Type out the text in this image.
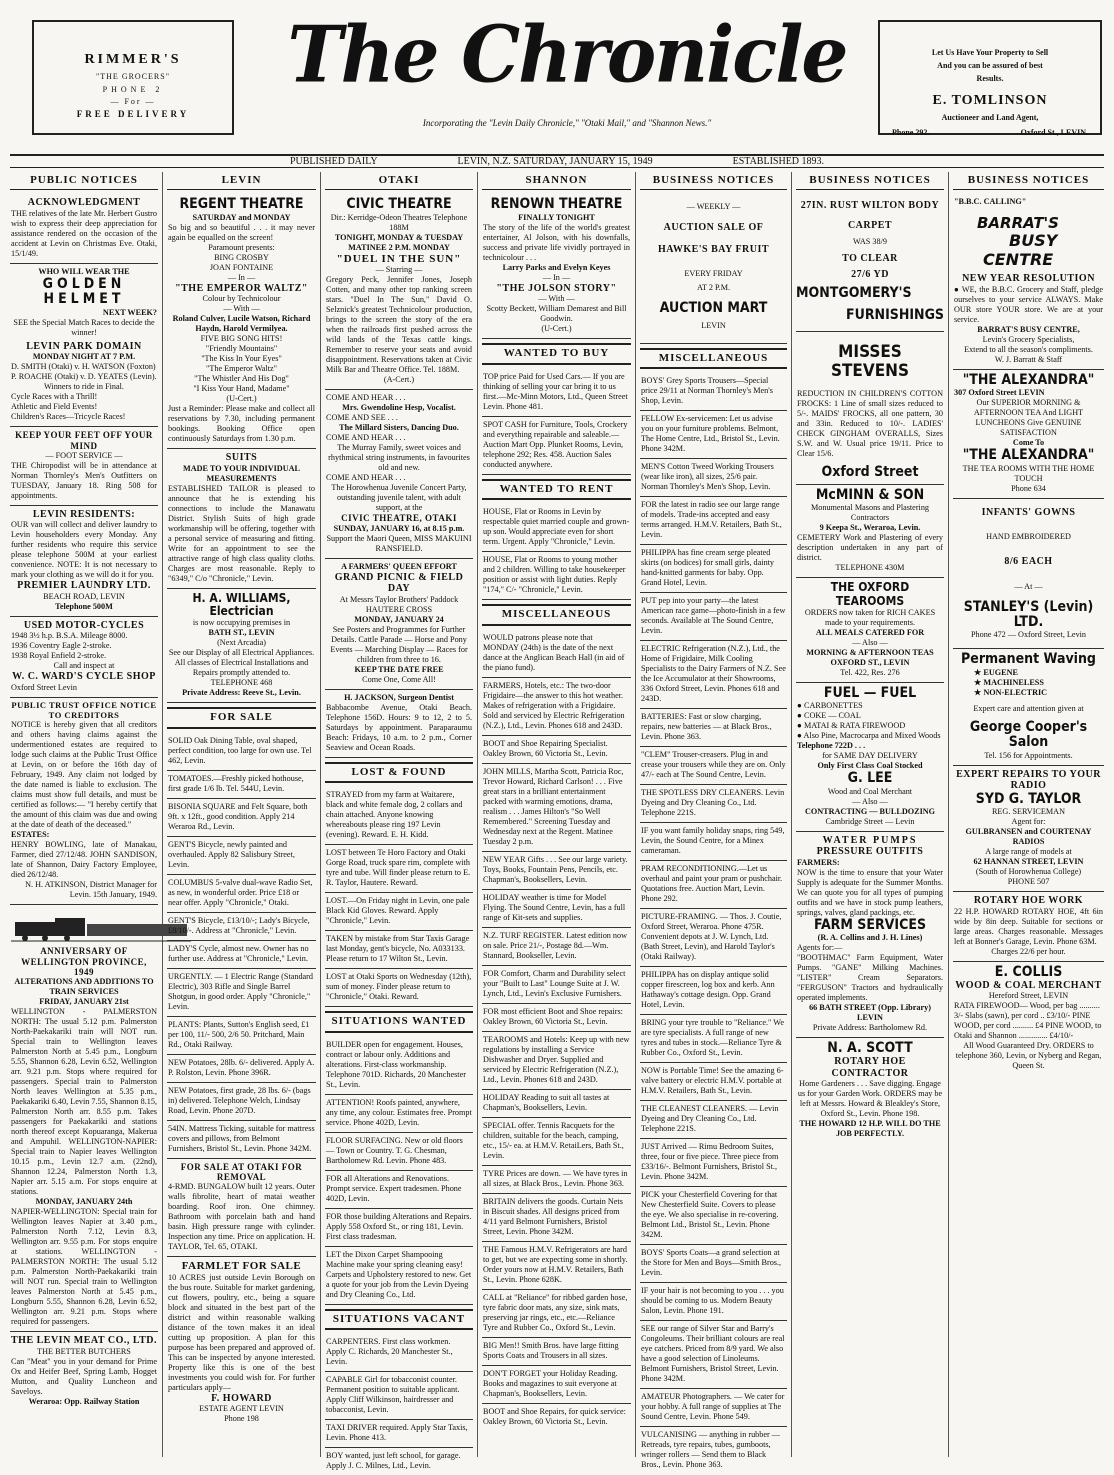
RIMMER'S
"THE GROCERS"
PHONE 2
— For —
FREE DELIVERY
The Chronicle
Incorporating the "Levin Daily Chronicle," "Otaki Mail," and "Shannon News."
Let Us Have Your Property to Sell
And you can be assured of best
Results.
E. TOMLINSON
Auctioneer and Land Agent,
Phone 292.	Oxford St., LEVIN.
PUBLISHED DAILY	LEVIN, N.Z. SATURDAY, JANUARY 15, 1949	ESTABLISHED 1893.
PUBLIC NOTICES
ACKNOWLEDGMENT
THE relatives of the late Mr. Herbert Gustro wish to express their deep appreciation for assistance rendered on the occasion of the accident at Levin on Christmas Eve. Otaki, 15/1/49.
WHO WILL WEAR THE
GOLDEN HELMET
NEXT WEEK?
SEE the Special Match Races to decide the winner!
LEVIN PARK DOMAIN
MONDAY NIGHT AT 7 P.M.
D. SMITH (Otaki) v. H. WATSON (Foxton)
P. ROACHE (Otaki) v. D. YEATES (Levin).
Winners to ride in Final.
Cycle Races with a Thrill!
Athletic and Field Events!
Children's Races—Tricycle Races!
KEEP YOUR FEET OFF YOUR MIND
— FOOT SERVICE —
THE Chiropodist will be in attendance at Norman Thornley's Men's Outfitters on TUESDAY, January 18. Ring 508 for appointments.
LEVIN RESIDENTS:
OUR van will collect and deliver laundry to Levin householders every Monday. Any further residents who require this service please telephone 500M at your earliest convenience. NOTE: It is not necessary to mark your clothing as we will do it for you.
PREMIER LAUNDRY LTD.
BEACH ROAD, LEVIN
Telephone 500M
USED MOTOR-CYCLES
1948 3½ h.p. B.S.A. Mileage 8000.
1936 Coventry Eagle 2-stroke.
1938 Royal Enfield 2-stroke.
Call and inspect at
W. C. WARD'S CYCLE SHOP
Oxford Street Levin
PUBLIC TRUST OFFICE NOTICE TO CREDITORS
NOTICE is hereby given that all creditors and others having claims against the undermentioned estates are required to lodge such claims at the Public Trust Office at Levin, on or before the 16th day of February, 1949. Any claim not lodged by the date named is liable to exclusion. The claims must show full details, and must be certified as follows:— "I hereby certify that the amount of this claim was due and owing at the date of death of the deceased."
ESTATES:
HENRY BOWLING, late of Manakau, Farmer, died 27/12/48. JOHN SANDISON, late of Shannon, Dairy Factory Employee, died 26/12/48.
N. H. ATKINSON, District Manager for Levin. 15th January, 1949.
ANNIVERSARY OF WELLINGTON PROVINCE, 1949
ALTERATIONS AND ADDITIONS TO TRAIN SERVICES
FRIDAY, JANUARY 21st
WELLINGTON - PALMERSTON NORTH: The usual 5.12 p.m. Palmerston North-Paekakariki train will NOT run. Special train to Wellington leaves Palmerston North at 5.45 p.m., Longburn 5.55, Shannon 6.28, Levin 6.52, Wellington arr. 9.21 p.m. Stops where required for passengers. Special train to Palmerston North leaves Wellington at 5.35 p.m., Paekakariki 6.40, Levin 7.55, Shannon 8.15, Palmerston North arr. 8.55 p.m. Takes passengers for Paekakariki and stations north thereof except Kopuaranga, Makerua and Ampuhil. WELLINGTON-NAPIER: Special train to Napier leaves Wellington 10.15 p.m., Levin 12.7 a.m. (22nd), Shannon 12.24, Palmerston North 1.3, Napier arr. 5.15 a.m. For stops enquire at stations.
MONDAY, JANUARY 24th
NAPIER-WELLINGTON: Special train for Wellington leaves Napier at 3.40 p.m., Palmerston North 7.12, Levin 8.3, Wellington arr. 9.55 p.m. For stops enquire at stations. WELLINGTON - PALMERSTON NORTH: The usual 5.12 p.m. Palmerston North-Paekakariki train will NOT run. Special train to Wellington leaves Palmerston North at 5.45 p.m., Longburn 5.55, Shannon 6.28, Levin 6.52, Wellington arr. 9.21 p.m. Stops where required for passengers.
THE LEVIN MEAT CO., LTD.
THE BETTER BUTCHERS
Can "Meat" you in your demand for Prime Ox and Heifer Beef, Spring Lamb, Hogget Mutton, and Quality Luncheon and Saveloys.
Weraroa: Opp. Railway Station
LEVIN
REGENT THEATRE
SATURDAY and MONDAY
So big and so beautiful . . . it may never again be equalled on the screen!
Paramount presents:
BING CROSBY
JOAN FONTAINE
— In —
"THE EMPEROR WALTZ"
Colour by Technicolour
— With —
Roland Culver, Lucile Watson, Richard Haydn, Harold Vermilyea.
FIVE BIG SONG HITS!
"Friendly Mountains"
"The Kiss In Your Eyes"
"The Emperor Waltz"
"The Whistler And His Dog"
"I Kiss Your Hand, Madame"
(U-Cert.)
Just a Reminder: Please make and collect all reservations by 7.30, including permanent bookings. Booking Office open continuously Saturdays from 1.30 p.m.
SUITS
MADE TO YOUR INDIVIDUAL MEASUREMENTS
ESTABLISHED TAILOR is pleased to announce that he is extending his connections to include the Manawatu District. Stylish Suits of high grade workmanship will be offering, together with a personal service of measuring and fitting. Write for an appointment to see the attractive range of high class quality cloths. Charges are most reasonable. Reply to "6349," C/o "Chronicle," Levin.
H. A. WILLIAMS, Electrician
is now occupying premises in
BATH ST., LEVIN
(Next Arcadia)
See our Display of all Electrical Appliances.
All classes of Electrical Installations and Repairs promptly attended to.
TELEPHONE 468
Private Address: Reeve St., Levin.
FOR SALE
SOLID Oak Dining Table, oval shaped, perfect condition, too large for own use. Tel 462, Levin.
TOMATOES.—Freshly picked hothouse, first grade 1/6 lb. Tel. 544U, Levin.
BISONIA SQUARE and Felt Square, both 9ft. x 12ft., good condition. Apply 214 Weraroa Rd., Levin.
GENT'S Bicycle, newly painted and overhauled. Apply 82 Salisbury Street, Levin.
COLUMBUS 5-valve dual-wave Radio Set, as new, in wonderful order. Price £18 or near offer. Apply "Chronicle," Otaki.
GENT'S Bicycle, £13/10/-; Lady's Bicycle, £8/10/-. Address at "Chronicle," Levin.
LADY'S Cycle, almost new. Owner has no further use. Address at "Chronicle," Levin.
URGENTLY. — 1 Electric Range (Standard Electric), 303 Rifle and Single Barrel Shotgun, in good order. Apply "Chronicle," Levin.
PLANTS: Plants, Sutton's English seed, £1 per 100, 11/- 500, 2/6 50. Pritchard, Main Rd., Otaki Railway.
NEW Potatoes, 28lb. 6/- delivered. Apply A. P. Rolston, Levin. Phone 396R.
NEW Potatoes, first grade, 28 lbs. 6/- (bags in) delivered. Telephone Welch, Lindsay Road, Levin. Phone 207D.
54IN. Mattress Ticking, suitable for mattress covers and pillows, from Belmont Furnishers, Bristol St., Levin. Phone 342M.
FOR SALE AT OTAKI FOR REMOVAL
4-RMD. BUNGALOW built 12 years. Outer walls fibrolite, heart of matai weather boarding. Roof iron. One chimney. Bathroom with porcelain bath and hand basin. High pressure range with cylinder. Inspection any time. Price on application. H. TAYLOR, Tel. 65, OTAKI.
FARMLET FOR SALE
10 ACRES just outside Levin Borough on the bus route. Suitable for market gardening, cut flowers, poultry, etc., being a square block and situated in the best part of the district and within reasonable walking distance of the town makes it an ideal cutting up proposition. A plan for this purpose has been prepared and approved of. This can be inspected by anyone interested. Property like this is one of the best investments you could wish for. For further particulars apply—
F. HOWARD
ESTATE AGENT LEVIN
Phone 198
OTAKI
CIVIC THEATRE
Dir.: Kerridge-Odeon Theatres Telephone 188M
TONIGHT, MONDAY & TUESDAY MATINEE 2 P.M. MONDAY
"DUEL IN THE SUN"
— Starring —
Gregory Peck, Jennifer Jones, Joseph Cotten, and many other top ranking screen stars. "Duel In The Sun," David O. Selznick's greatest Technicolour production, brings to the screen the story of the era when the railroads first pushed across the wild lands of the Texas cattle kings. Remember to reserve your seats and avoid disappointment. Reservations taken at Civic Milk Bar and Theatre Office. Tel. 188M.
(A-Cert.)
COME AND HEAR . . .
Mrs. Gwendoline Hesp, Vocalist.
COME AND SEE . . .
The Millard Sisters, Dancing Duo.
COME AND HEAR . . .
The Murray Family, sweet voices and rhythmical string instruments, in favourites old and new.
COME AND HEAR . . .
The Horowhenua Juvenile Concert Party, outstanding juvenile talent, with adult support, at the
CIVIC THEATRE, OTAKI
SUNDAY, JANUARY 16, at 8.15 p.m.
Support the Maori Queen, MISS MAKUINI RANSFIELD.
A FARMERS' QUEEN EFFORT
GRAND PICNIC & FIELD DAY
At Messrs Taylor Brothers' Paddock
HAUTERE CROSS
MONDAY, JANUARY 24
See Posters and Programmes for Further Details. Cattle Parade — Horse and Pony Events — Marching Display — Races for children from three to 16.
KEEP THE DATE FREE
Come One, Come All!
H. JACKSON, Surgeon Dentist
Babbacombe Avenue, Otaki Beach. Telephone 156D. Hours: 9 to 12, 2 to 5. Saturdays by appointment. Paraparaumu Beach: Fridays, 10 a.m. to 2 p.m., Corner Seaview and Ocean Roads.
LOST & FOUND
STRAYED from my farm at Waitarere, black and white female dog, 2 collars and chain attached. Anyone knowing whereabouts please ring 197 Levin (evening). Reward. E. H. Kidd.
LOST between Te Horo Factory and Otaki Gorge Road, truck spare rim, complete with tyre and tube. Will finder please return to E. R. Taylor, Hautere. Reward.
LOST.—On Friday night in Levin, one pale Black Kid Gloves. Reward. Apply "Chronicle," Levin.
TAKEN by mistake from Star Taxis Garage last Monday, gent's bicycle, No. A033133. Please return to 17 Wilton St., Levin.
LOST at Otaki Sports on Wednesday (12th), sum of money. Finder please return to "Chronicle," Otaki. Reward.
SITUATIONS WANTED
BUILDER open for engagement. Houses, contract or labour only. Additions and alterations. First-class workmanship. Telephone 701D. Richards, 20 Manchester St., Levin.
ATTENTION! Roofs painted, anywhere, any time, any colour. Estimates free. Prompt service. Phone 402D, Levin.
FLOOR SURFACING. New or old floors — Town or Country. T. G. Chesman, Bartholomew Rd. Levin. Phone 483.
FOR all Alterations and Renovations. Prompt service. Expert tradesmen. Phone 402D, Levin.
FOR those building Alterations and Repairs. Apply 558 Oxford St., or ring 181, Levin. First class tradesman.
LET the Dixon Carpet Shampooing Machine make your spring cleaning easy! Carpets and Upholstery restored to new. Get a quote for your job from the Levin Dyeing and Dry Cleaning Co., Ltd.
SITUATIONS VACANT
CARPENTERS. First class workmen. Apply C. Richards, 20 Manchester St., Levin.
CAPABLE Girl for tobacconist counter. Permanent position to suitable applicant. Apply Cliff Wilkinson, hairdresser and tobacconist, Levin.
TAXI DRIVER required. Apply Star Taxis, Levin. Phone 413.
BOY wanted, just left school, for garage. Apply J. C. Milnes, Ltd., Levin.
SHANNON
RENOWN THEATRE
FINALLY TONIGHT
The story of the life of the world's greatest entertainer, Al Jolson, with his downfalls, success and private life vividly portrayed in technicolour . . .
Larry Parks and Evelyn Keyes
— In —
"THE JOLSON STORY"
— With —
Scotty Beckett, William Demarest and Bill Goodwin.
(U-Cert.)
WANTED TO BUY
TOP price Paid for Used Cars.— If you are thinking of selling your car bring it to us first.—Mc-Minn Motors, Ltd., Queen Street Levin. Phone 481.
SPOT CASH for Furniture, Tools, Crockery and everything repairable and saleable.—Auction Mart Opp. Plunket Rooms, Levin, telephone 292; Res. 458. Auction Sales conducted anywhere.
WANTED TO RENT
HOUSE, Flat or Rooms in Levin by respectable quiet married couple and grown-up son. Would appreciate even for short term. Urgent. Apply "Chronicle," Levin.
HOUSE, Flat or Rooms to young mother and 2 children. Willing to take housekeeper position or assist with light duties. Reply "174," C/- "Chronicle," Levin.
MISCELLANEOUS
WOULD patrons please note that MONDAY (24th) is the date of the next dance at the Anglican Beach Hall (in aid of the piano fund).
FARMERS, Hotels, etc.: The two-door Frigidaire—the answer to this hot weather. Makes of refrigeration with a Frigidaire. Sold and serviced by Electric Refrigeration (N.Z.), Ltd., Levin. Phones 618 and 243D.
BOOT and Shoe Repairing Specialist. Oakley Brown, 60 Victoria St., Levin.
JOHN MILLS, Martha Scott, Patricia Roc, Trevor Howard, Richard Carlson! . . . Five great stars in a brilliant entertainment packed with warming emotions, drama, realism . . . James Hilton's "So Well Remembered." Screening Tuesday and Wednesday next at the Regent. Matinee Tuesday 2 p.m.
NEW YEAR Gifts . . . See our large variety. Toys, Books, Fountain Pens, Pencils, etc. Chapman's, Booksellers, Levin.
HOLIDAY weather is time for Model Flying. The Sound Centre, Levin, has a full range of Kit-sets and supplies.
N.Z. TURF REGISTER. Latest edition now on sale. Price 21/-, Postage 8d.—Wm. Stannard, Bookseller, Levin.
FOR Comfort, Charm and Durability select your "Built to Last" Lounge Suite at J. W. Lynch, Ltd., Levin's Exclusive Furnishers.
FOR most efficient Boot and Shoe repairs: Oakley Brown, 60 Victoria St., Levin.
TEAROOMS and Hotels: Keep up with new regulations by installing a Service Dishwasher and Dryer. Supplied and serviced by Electric Refrigeration (N.Z.), Ltd., Levin. Phones 618 and 243D.
HOLIDAY Reading to suit all tastes at Chapman's, Booksellers, Levin.
SPECIAL offer. Tennis Racquets for the children, suitable for the beach, camping, etc., 15/- ea. at H.M.V. RetaiLers, Bath St., Levin.
TYRE Prices are down. — We have tyres in all sizes, at Black Bros., Levin. Phone 363.
BRITAIN delivers the goods. Curtain Nets in Biscuit shades. All designs priced from 4/11 yard Belmont Furnishers, Bristol Street, Levin. Phone 342M.
THE Famous H.M.V. Refrigerators are hard to get, but we are expecting some in shortly. Order yours now at H.M.V. Retailers, Bath St., Levin. Phone 628K.
CALL at "Reliance" for ribbed garden hose, tyre fabric door mats, any size, sink mats, preserving jar rings, etc., etc.—Reliance Tyre and Rubber Co., Oxford St., Levin.
BIG Men!! Smith Bros. have large fitting Sports Coats and Trousers in all sizes.
DON'T FORGET your Holiday Reading. Books and magazines to suit everyone at Chapman's, Booksellers, Levin.
BOOT and Shoe Repairs, for quick service: Oakley Brown, 60 Victoria St., Levin.
BUSINESS NOTICES
— WEEKLY —
AUCTION SALE OF
HAWKE'S BAY FRUIT
EVERY FRIDAY
AT 2 P.M.
AUCTION MART
LEVIN
MISCELLANEOUS
BOYS' Grey Sports Trousers—Special price 29/11 at Norman Thornley's Men's Shop, Levin.
FELLOW Ex-servicemen: Let us advise you on your furniture problems. Belmont, The Home Centre, Ltd., Bristol St., Levin. Phone 342M.
MEN'S Cotton Tweed Working Trousers (wear like iron), all sizes, 25/6 pair. Norman Thornley's Men's Shop, Levin.
FOR the latest in radio see our large range of models. Trade-ins accepted and easy terms arranged. H.M.V. Retailers, Bath St., Levin.
PHILIPPA has fine cream serge pleated skirts (on bodices) for small girls, dainty hand-knitted garments for baby. Opp. Grand Hotel, Levin.
PUT pep into your party—the latest American race game—photo-finish in a few seconds. Available at The Sound Centre, Levin.
ELECTRIC Refrigeration (N.Z.), Ltd., the Home of Frigidaire, Milk Cooling Specialists to the Dairy Farmers of N.Z. See the Ice Accumulator at their Showrooms, 336 Oxford Street, Levin. Phones 618 and 243D.
BATTERIES: Fast or slow charging, repairs, new batteries — at Black Bros., Levin. Phone 363.
"CLEM" Trouser-creasers. Plug in and crease your trousers while they are on. Only 47/- each at The Sound Centre, Levin.
THE SPOTLESS DRY CLEANERS. Levin Dyeing and Dry Cleaning Co., Ltd. Telephone 221S.
IF you want family holiday snaps, ring 549, Levin, the Sound Centre, for a Minex cameraman.
PRAM RECONDITIONING.—Let us overhaul and paint your pram or pushchair. Quotations free. Auction Mart, Levin. Phone 292.
PICTURE-FRAMING. — Thos. J. Coutie, Oxford Street, Weraroa. Phone 475R. Convenient depots at J. W. Lynch, Ltd. (Bath Street, Levin), and Harold Taylor's (Otaki Railway).
PHILIPPA has on display antique solid copper firescreen, log box and kerb. Ann Hathaway's cottage design. Opp. Grand Hotel, Levin.
BRING your tyre trouble to "Reliance." We are tyre specialists. A full range of new tyres and tubes in stock.—Reliance Tyre & Rubber Co., Oxford St., Levin.
NOW is Portable Time! See the amazing 6-valve battery or electric H.M.V. portable at H.M.V. Retailers, Bath St., Levin.
THE CLEANEST CLEANERS. — Levin Dyeing and Dry Cleaning Co., Ltd. Telephone 221S.
JUST Arrived — Rimu Bedroom Suites, three, four or five piece. Three piece from £33/16/-. Belmont Furnishers, Bristol St., Levin. Phone 342M.
PICK your Chesterfield Covering for that New Chesterfield Suite. Covers to please the eye. We also specialise in re-covering. Belmont Ltd., Bristol St., Levin. Phone 342M.
BOYS' Sports Coats—a grand selection at the Store for Men and Boys—Smith Bros., Levin.
IF your hair is not becoming to you . . . you should be coming to us. Modern Beauty Salon, Levin. Phone 191.
SEE our range of Silver Star and Barry's Congoleums. Their brilliant colours are real eye catchers. Priced from 8/9 yard. We also have a good selection of Linoleums. Belmont Furnishers, Bristol Street, Levin. Phone 342M.
AMATEUR Photographers. — We cater for your hobby. A full range of supplies at The Sound Centre, Levin. Phone 549.
VULCANISING — anything in rubber — Retreads, tyre repairs, tubes, gumboots, wringer rollers — Send them to Black Bros., Levin. Phone 363.
BUSINESS NOTICES
27IN. RUST WILTON BODY
CARPET
WAS 38/9
TO CLEAR
27/6 YD
MONTGOMERY'S
FURNISHINGS
MISSES STEVENS
REDUCTION IN CHILDREN'S COTTON FROCKS: 1 Line of small sizes reduced to 5/-. MAIDS' FROCKS, all one pattern, 30 and 33in. Reduced to 10/-. LADIES' CHECK GINGHAM OVERALLS, Sizes S.W. and W. Usual price 19/11. Price to Clear 15/6.
Oxford Street
McMINN & SON
Monumental Masons and Plastering Contractors
9 Keepa St., Weraroa, Levin.
CEMETERY Work and Plastering of every description undertaken in any part of district.
TELEPHONE 430M
THE OXFORD TEAROOMS
ORDERS now taken for RICH CAKES made to your requirements.
ALL MEALS CATERED FOR
— Also —
MORNING & AFTERNOON TEAS
OXFORD ST., LEVIN
Tel. 422, Res. 276
FUEL — FUEL
● CARBONETTES
● COKE — COAL
● MATAI & RATA FIREWOOD
● Also Pine, Macrocarpa and Mixed Woods
Telephone 722D . . .
for SAME DAY DELIVERY
Only First Class Coal Stocked
G. LEE
Wood and Coal Merchant
— Also —
CONTRACTING — BULLDOZING
Cambridge Street — Levin
WATER PUMPS
PRESSURE OUTFITS
FARMERS:
NOW is the time to ensure that your Water Supply is adequate for the Summer Months. We can quote you for all types of pumping outfits and we have in stock pump leathers, springs, valves, gland packings, etc.
FARM SERVICES
(R. A. Collins and J. H. Lines)
Agents for:—
"BOOTHMAC" Farm Equipment, Water Pumps. "GANE" Milking Machines. "LISTER" Cream Separators. "FERGUSON" Tractors and hydraulically operated implements.
66 BATH STREET (Opp. Library) LEVIN
Private Address: Bartholomew Rd.
N. A. SCOTT
ROTARY HOE CONTRACTOR
Home Gardeners . . . Save digging. Engage us for your Garden Work. ORDERS may be left at Messrs. Howard & Bleakley's Store, Oxford St., Levin. Phone 198.
THE HOWARD 12 H.P. WILL DO THE JOB PERFECTLY.
BUSINESS NOTICES
"B.B.C. CALLING"
BARRAT'S
BUSY
CENTRE
NEW YEAR RESOLUTION
● WE, the B.B.C. Grocery and Staff, pledge ourselves to your service ALWAYS. Make OUR store YOUR store. We are at your service.
BARRAT'S BUSY CENTRE,
Levin's Grocery Specialists,
Extend to all the season's compliments.
W. J. Barratt & Staff
"THE ALEXANDRA"
307 Oxford Street LEVIN
Our SUPERIOR MORNING & AFTERNOON TEA And LIGHT LUNCHEONS Give GENUINE SATISFACTION
Come To
"THE ALEXANDRA"
THE TEA ROOMS WITH THE HOME TOUCH
Phone 634
INFANTS' GOWNS
HAND EMBROIDERED
8/6 EACH
— At —
STANLEY'S (Levin) LTD.
Phone 472 — Oxford Street, Levin
Permanent Waving
★ EUGENE
★ MACHINELESS
★ NON-ELECTRIC
Expert care and attention given at
George Cooper's Salon
Tel. 156 for Appointments.
EXPERT REPAIRS TO YOUR RADIO
SYD G. TAYLOR
REG. SERVICEMAN
Agent for:
GULBRANSEN and COURTENAY RADIOS
A large range of models at
62 HANNAN STREET, LEVIN
(South of Horowhenua College)
PHONE 507
ROTARY HOE WORK
22 H.P. HOWARD ROTARY HOE, 4ft 6in wide by 8in deep. Suitable for sections or large areas. Charges reasonable. Messages left at Bonner's Garage, Levin. Phone 63M.
Charges 22/6 per hour.
E. COLLIS
WOOD & COAL MERCHANT
Hereford Street, LEVIN
RATA FIREWOOD— Wood, per bag .......... 3/- Slabs (sawn), per cord .. £3/10/- PINE WOOD, per cord .......... £4 PINE WOOD, to Otaki and Shannon .............. £4/10/-
All Wood Guaranteed Dry. ORDERS to telephone 360, Levin, or Nyberg and Regan, Queen St.
